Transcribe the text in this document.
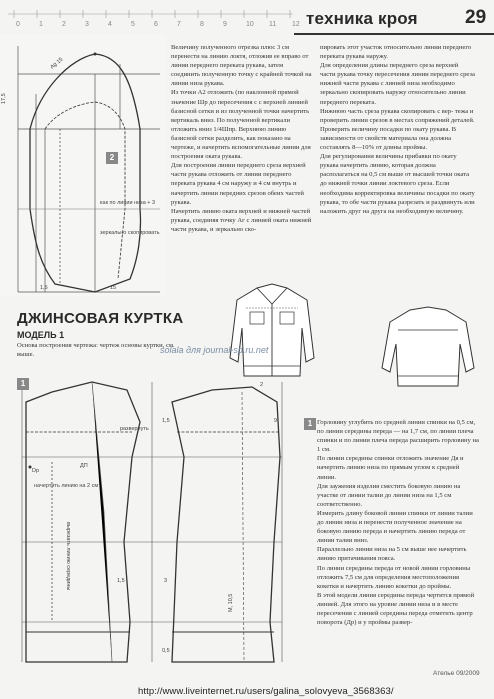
0	1	2	3	4	5	6	7	8	9	10 11 12 техника кроя 29
Ag 15
17,5
как по линии низа + 3
зеркально скопировать
1,5	15
2

Величину полученного отрезка плюс 3 см перенести на линию локтя, отложив ее вправо от линии переднего переката рукава, затем соединить полученную точку с крайней точкой на линии низа рукава.

Из точки А2 отложить (по наклонной прямой значение Шр до пересечения с с верхней линией базисной сетки и из полученной точки начертить вертикаль вниз. По полученной вертикали отложить вниз 1/4Шпр. Верхнюю линию базисной сетки разделить, как показано на чертеже, и начертить вспомогательные линии для построения оката рукава.

Для построения линии переднего среза верхней части рукава отложить от линии переднего переката рукава 4 см наружу и 4 см внутрь и начертить линии передних срезов обеих частей рукава.

Начертить линию оката верхней и нижней частей рукава, соединяя точку Аг с линией оката нижней части рукава, и зеркально ско-

пировать этот участок относительно линии переднего переката рукава наружу.

Для определения длины переднего среза верхней части рукава точку пересечения линии переднего среза нижней части рукава с линией низа необходимо зеркально скопировать наружу относительно линии переднего переката.

Нижнюю часть среза рукава скопировать с вер- тежа и проверить линии срезов в местах сопряжений деталей.

Проверить величину посадки по окату рукава. В зависимости от свойств материала она должна составлять 8—10% от длины проймы.

Для регулирования величины прибавки по окату рукава начертить линию, которая должна располагаться на 0,5 см выше от высшей точки оката до нижней точки линии локтевого среза. Если необходима корректировка величины посадки по окату рукава, то обе части рукава разрезать и раздвинуть или наложить друг на друга на необходимую величину.

ДЖИНСОВАЯ КУРТКА
МОДЕЛЬ 1
Основа построения чертежа: чертеж основы куртки, см. выше.	solala для journal-sp.ru.net
Dp
начертить линию на 2 см
развернуть
вырезать линию середины
ДП
1,5
М, 10,5
1,5
2
9
3
0,5
1
1 Горловину углубить по средней линии спинки на 0,5 см, по линии середины переда — на 1,7 см, по линии плеча спинки и по линии плеча переда расширить горловину на 1 см.

По линии середины спинки отложить значение Дя и начертить линию низа по прямым углом к средней линии.

Для заужения изделия сместить боковую линию на участке от линии талии до линии низа на 1,5 см соответственно.

Измерить длину боковой линии спинки от линии талии до линии низа и перенести полученное значение на боковую линию переда и начертить линию переда от линии талии вниз.

Параллельно линии низа на 5 см выше нее начертить линию притачивания пояса.

По линии середины переда от новой линии горловины отложить 7,5 см для определения местоположения кокетки и начертить линию кокетки до проймы.

В этой модели линия середины переда чертится прямой линией. Для этого на уровне линии низа и в месте пересечения с линией середины переда отметить центр поворота (Др) и у проймы развер-

Ателье 09/2009
http://www.liveinternet.ru/users/galina_solovyeva_3568363/
